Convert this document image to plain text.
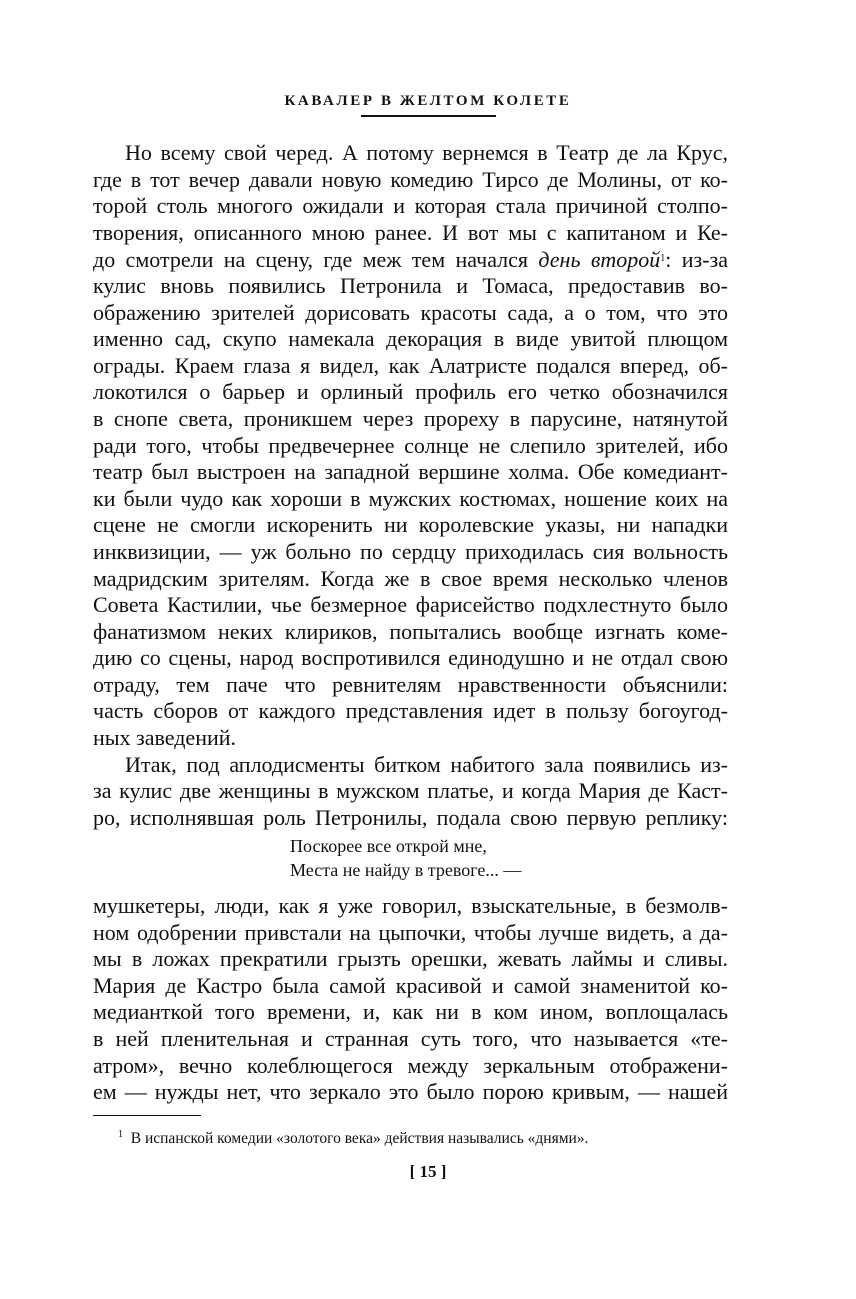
КАВАЛЕР В ЖЕЛТОМ КОЛЕТЕ
Но всему свой черед. А потому вернемся в Театр де ла Крус,
где в тот вечер давали новую комедию Тирсо де Молины, от ко-
торой столь многого ожидали и которая стала причиной столпо-
творения, описанного мною ранее. И вот мы с капитаном и Ке-
до смотрели на сцену, где меж тем начался день второй$^1$: из-за
кулис вновь появились Петронила и Томаса, предоставив во-
ображению зрителей дорисовать красоты сада, а о том, что это
именно сад, скупо намекала декорация в виде увитой плющом
ограды. Краем глаза я видел, как Алатристе подался вперед, об-
локотился о барьер и орлиный профиль его четко обозначился
в снопе света, проникшем через прореху в парусине, натянутой
ради того, чтобы предвечернее солнце не слепило зрителей, ибо
театр был выстроен на западной вершине холма. Обе комедиант-
ки были чудо как хороши в мужских костюмах, ношение коих на
сцене не смогли искоренить ни королевские указы, ни нападки
инквизиции, — уж больно по сердцу приходилась сия вольность
мадридским зрителям. Когда же в свое время несколько членов
Совета Кастилии, чье безмерное фарисейство подхлестнуто было
фанатизмом неких клириков, попытались вообще изгнать коме-
дию со сцены, народ воспротивился единодушно и не отдал свою
отраду, тем паче что ревнителям нравственности объяснили:
часть сборов от каждого представления идет в пользу богоугод-
ных заведений.
Итак, под аплодисменты битком набитого зала появились из-
за кулис две женщины в мужском платье, и когда Мария де Каст-
ро, исполнявшая роль Петронилы, подала свою первую реплику:
Поскорее все открой мне,
Места не найду в тревоге... —
мушкетеры, люди, как я уже говорил, взыскательные, в безмолв-
ном одобрении привстали на цыпочки, чтобы лучше видеть, а да-
мы в ложах прекратили грызть орешки, жевать лаймы и сливы.
Мария де Кастро была самой красивой и самой знаменитой ко-
медианткой того времени, и, как ни в ком ином, воплощалась
в ней пленительная и странная суть того, что называется «те-
атром», вечно колеблющегося между зеркальным отображени-
ем — нужды нет, что зеркало это было порою кривым, — нашей
$^1$ В испанской комедии «золотого века» действия назывались «днями».
[ 15 ]
